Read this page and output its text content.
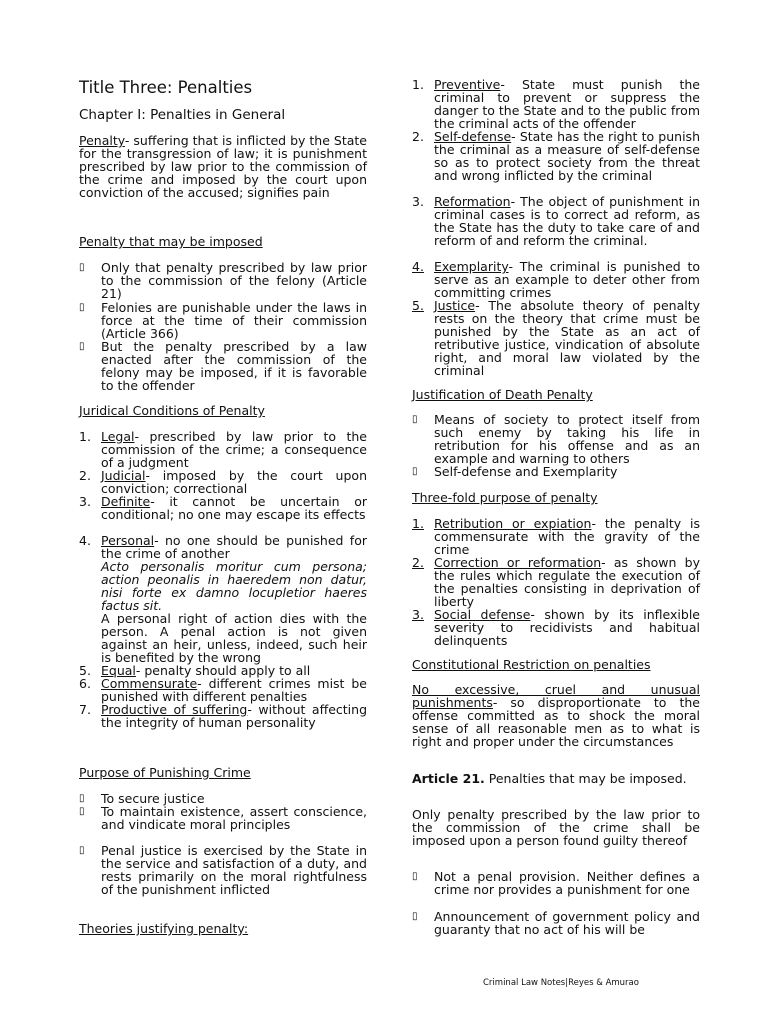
Title Three: Penalties
Chapter I: Penalties in General
Penalty- suffering that is inflicted by the State for the transgression of law; it is punishment prescribed by law prior to the commission of the crime and imposed by the court upon conviction of the accused; signifies pain
Penalty that may be imposed
▯ Only that penalty prescribed by law prior to the commission of the felony (Article 21)
▯ Felonies are punishable under the laws in force at the time of their commission (Article 366)
▯ But the penalty prescribed by a law enacted after the commission of the felony may be imposed, if it is favorable to the offender
Juridical Conditions of Penalty
1. Legal- prescribed by law prior to the commission of the crime; a consequence of a judgment
2. Judicial- imposed by the court upon conviction; correctional
3. Definite- it cannot be uncertain or conditional; no one may escape its effects
4. Personal- no one should be punished for the crime of another
Acto personalis moritur cum persona; action peonalis in haeredem non datur, nisi forte ex damno locupletior haeres factus sit.
A personal right of action dies with the person. A penal action is not given against an heir, unless, indeed, such heir is benefited by the wrong
5. Equal- penalty should apply to all
6. Commensurate- different crimes mist be punished with different penalties
7. Productive of suffering- without affecting the integrity of human personality
Purpose of Punishing Crime
▯ To secure justice
▯ To maintain existence, assert conscience, and vindicate moral principles
▯ Penal justice is exercised by the State in the service and satisfaction of a duty, and rests primarily on the moral rightfulness of the punishment inflicted
Theories justifying penalty:
1. Preventive- State must punish the criminal to prevent or suppress the danger to the State and to the public from the criminal acts of the offender
2. Self-defense- State has the right to punish the criminal as a measure of self-defense so as to protect society from the threat and wrong inflicted by the criminal
3. Reformation- The object of punishment in criminal cases is to correct ad reform, as the State has the duty to take care of and reform of and reform the criminal.
4. Exemplarity- The criminal is punished to serve as an example to deter other from committing crimes
5. Justice- The absolute theory of penalty rests on the theory that crime must be punished by the State as an act of retributive justice, vindication of absolute right, and moral law violated by the criminal
Justification of Death Penalty
▯ Means of society to protect itself from such enemy by taking his life in retribution for his offense and as an example and warning to others
▯ Self-defense and Exemplarity
Three-fold purpose of penalty
1. Retribution or expiation- the penalty is commensurate with the gravity of the crime
2. Correction or reformation- as shown by the rules which regulate the execution of the penalties consisting in deprivation of liberty
3. Social defense- shown by its inflexible severity to recidivists and habitual delinquents
Constitutional Restriction on penalties
No excessive, cruel and unusual punishments- so disproportionate to the offense committed as to shock the moral sense of all reasonable men as to what is right and proper under the circumstances
Article 21. Penalties that may be imposed.
Only penalty prescribed by the law prior to the commission of the crime shall be imposed upon a person found guilty thereof
▯ Not a penal provision. Neither defines a crime nor provides a punishment for one
▯ Announcement of government policy and guaranty that no act of his will be
Criminal Law Notes|Reyes & Amurao
